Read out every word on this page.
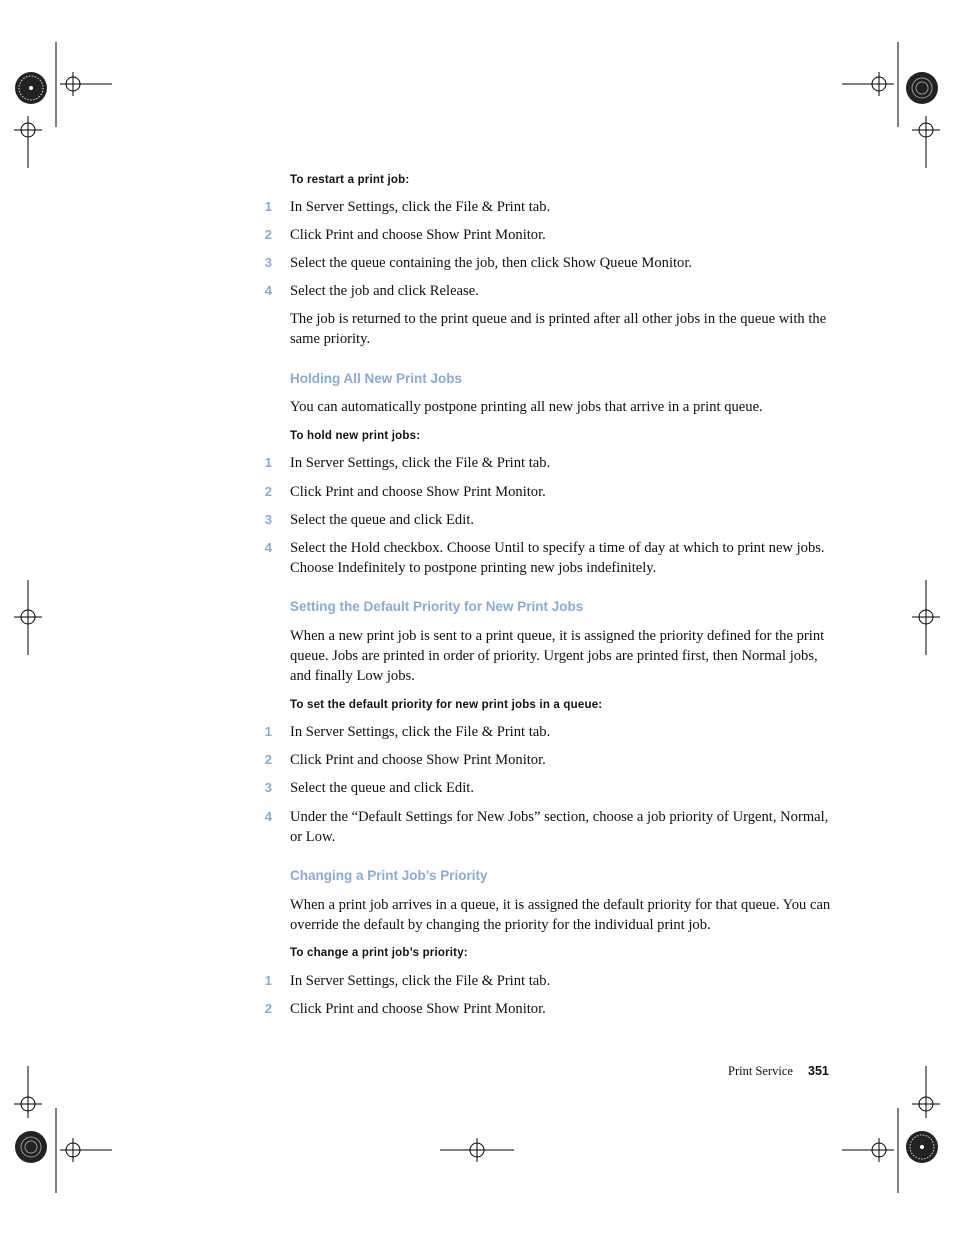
To restart a print job:
1 In Server Settings, click the File & Print tab.
2 Click Print and choose Show Print Monitor.
3 Select the queue containing the job, then click Show Queue Monitor.
4 Select the job and click Release.
The job is returned to the print queue and is printed after all other jobs in the queue with the same priority.
Holding All New Print Jobs
You can automatically postpone printing all new jobs that arrive in a print queue.
To hold new print jobs:
1 In Server Settings, click the File & Print tab.
2 Click Print and choose Show Print Monitor.
3 Select the queue and click Edit.
4 Select the Hold checkbox. Choose Until to specify a time of day at which to print new jobs. Choose Indefinitely to postpone printing new jobs indefinitely.
Setting the Default Priority for New Print Jobs
When a new print job is sent to a print queue, it is assigned the priority defined for the print queue. Jobs are printed in order of priority. Urgent jobs are printed first, then Normal jobs, and finally Low jobs.
To set the default priority for new print jobs in a queue:
1 In Server Settings, click the File & Print tab.
2 Click Print and choose Show Print Monitor.
3 Select the queue and click Edit.
4 Under the “Default Settings for New Jobs” section, choose a job priority of Urgent, Normal, or Low.
Changing a Print Job’s Priority
When a print job arrives in a queue, it is assigned the default priority for that queue. You can override the default by changing the priority for the individual print job.
To change a print job’s priority:
1 In Server Settings, click the File & Print tab.
2 Click Print and choose Show Print Monitor.
Print Service 351
